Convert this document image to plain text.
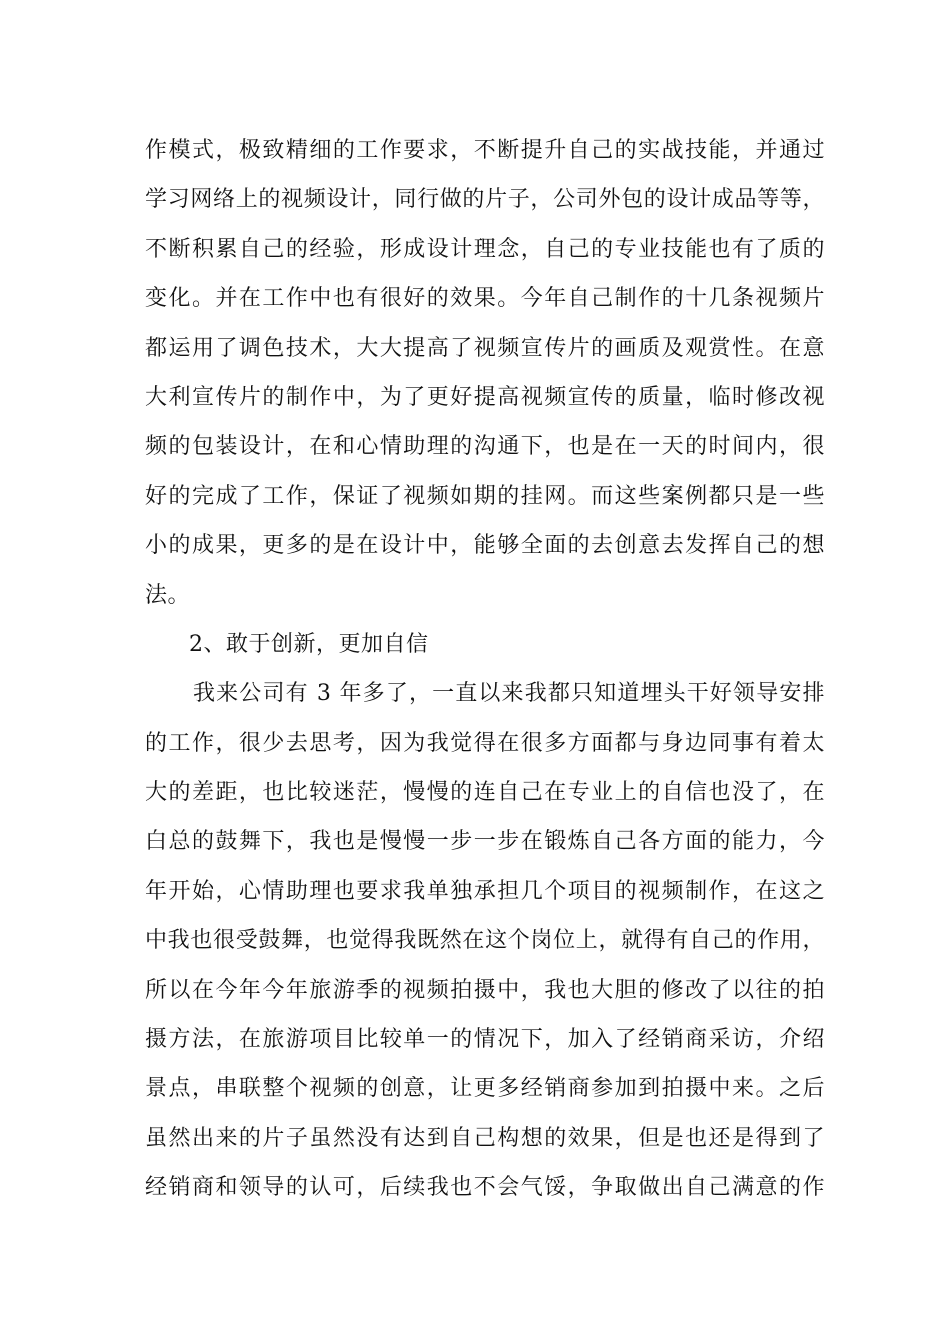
作模式，极致精细的工作要求，不断提升自己的实战技能，并通过
学习网络上的视频设计，同行做的片子，公司外包的设计成品等等，
不断积累自己的经验，形成设计理念，自己的专业技能也有了质的
变化。并在工作中也有很好的效果。今年自己制作的十几条视频片
都运用了调色技术，大大提高了视频宣传片的画质及观赏性。在意
大利宣传片的制作中，为了更好提高视频宣传的质量，临时修改视
频的包装设计，在和心情助理的沟通下，也是在一天的时间内，很
好的完成了工作，保证了视频如期的挂网。而这些案例都只是一些
小的成果，更多的是在设计中，能够全面的去创意去发挥自己的想
法。
2、敢于创新，更加自信
我来公司有 3 年多了，一直以来我都只知道埋头干好领导安排
的工作，很少去思考，因为我觉得在很多方面都与身边同事有着太
大的差距，也比较迷茫，慢慢的连自己在专业上的自信也没了，在
白总的鼓舞下，我也是慢慢一步一步在锻炼自己各方面的能力，今
年开始，心情助理也要求我单独承担几个项目的视频制作，在这之
中我也很受鼓舞，也觉得我既然在这个岗位上，就得有自己的作用，
所以在今年今年旅游季的视频拍摄中，我也大胆的修改了以往的拍
摄方法，在旅游项目比较单一的情况下，加入了经销商采访，介绍
景点，串联整个视频的创意，让更多经销商参加到拍摄中来。之后
虽然出来的片子虽然没有达到自己构想的效果，但是也还是得到了
经销商和领导的认可，后续我也不会气馁，争取做出自己满意的作
